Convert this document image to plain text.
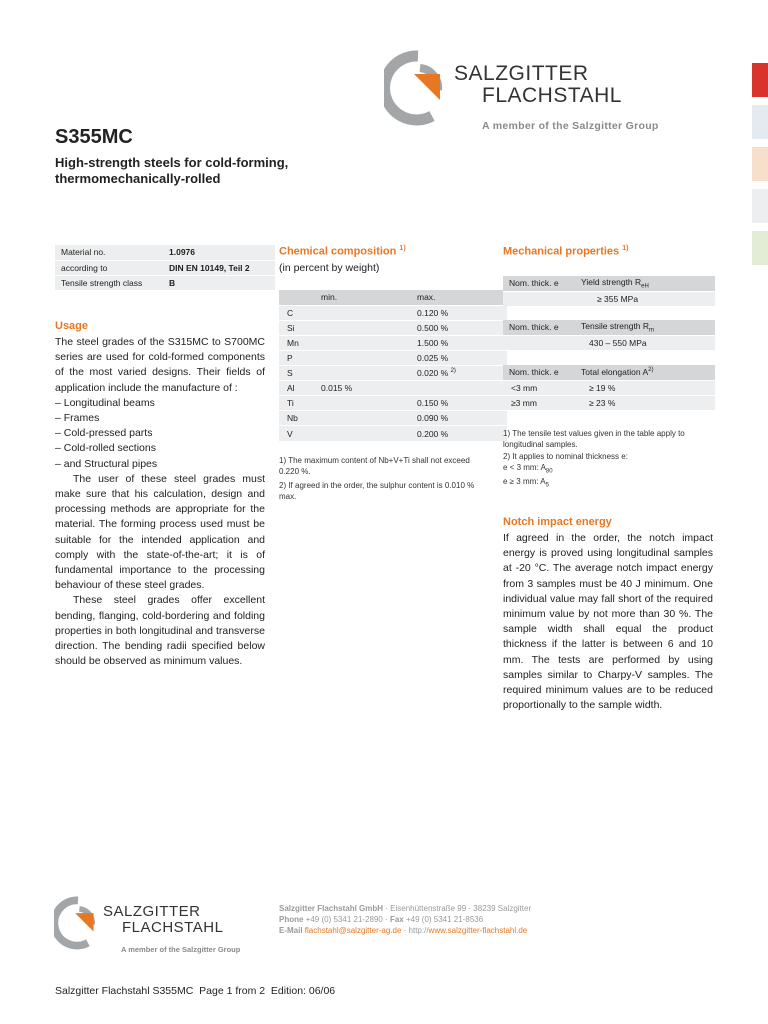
SALZGITTER
FLACHSTAHL
A member of the Salzgitter Group
S355MC
High-strength steels for cold-forming,
thermomechanically-rolled
Material no.	1.0976
according to	DIN EN 10149, Teil 2
Tensile strength class	B
Usage
The steel grades of the S315MC to S700MC series are used for cold-formed components of the most varied designs. Their fields of application include the manufacture of :
– Longitudinal beams
– Frames
– Cold-pressed parts
– Cold-rolled sections
– and Structural pipes
The user of these steel grades must make sure that his calculation, design and processing methods are appropriate for the material. The forming process used must be suitable for the intended application and comply with the state-of-the-art; it is of fundamental importance to the processing behaviour of these steel grades.
These steel grades offer excellent bending, flanging, cold-bordering and folding properties in both longitudinal and transverse direction. The bending radii specified below should be observed as minimum values.
Chemical composition $^{1)}$
(in percent by weight)
	min.	max.
C		0.120 %
Si		0.500 %
Mn		1.500 %
P		0.025 %
S		0.020 % $^{2)}$
Al	0.015 %	
Ti		0.150 %
Nb		0.090 %
V		0.200 %
1) The maximum content of Nb+V+Ti shall not exceed 0.220 %.
2) If agreed in the order, the sulphur content is 0.010 % max.
Mechanical properties $^{1)}$
Nom. thick. e	Yield strength $R_{eH}$
	≥ 355 MPa
Nom. thick. e	Tensile strength $R_m$
	430 – 550 MPa
Nom. thick. e	Total elongation $A^{2)}$
<3 mm	≥ 19 %
≥3 mm	≥ 23 %
1) The tensile test values given in the table apply to longitudinal samples.
2) It applies to nominal thickness e:
e < 3 mm: $A_{80}$
e ≥ 3 mm: $A_5$
Notch impact energy
If agreed in the order, the notch impact energy is proved using longitudinal samples at -20 °C. The average notch impact energy from 3 samples must be 40 J minimum. One individual value may fall short of the required minimum value by not more than 30 %. The sample width shall equal the product thickness if the latter is between 6 and 10 mm. The tests are performed by using samples similar to Charpy-V samples. The required minimum values are to be reduced proportionally to the sample width.
SALZGITTER
FLACHSTAHL
A member of the Salzgitter Group
Salzgitter Flachstahl GmbH · Eisenhüttenstraße 99 · 38239 Salzgitter
Phone +49 (0) 5341 21-2890 · Fax +49 (0) 5341 21-8536
E-Mail flachstahl@salzgitter-ag.de · http://www.salzgitter-flachstahl.de
Salzgitter Flachstahl S355MC  Page 1 from 2  Edition: 06/06
